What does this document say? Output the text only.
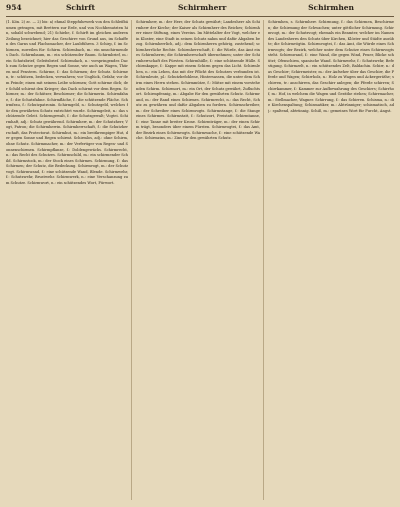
954	Schirft	Schirmherr	Schirmhen

(1. Kön. 2) zc. — 2) bis: a) ehmal Steppfuhrwerk von den Schleifbäumen getragen, mit Brettern zur Erde, und von Nochbenutzten hin, sobald schwebend; 21) Schiebe, f. Schirft im gleichen anderen Zeilung bezeichnet; hier das Geschirre von Grund aus, im Schaffen des Garns und Flachsmacher, der Laubführen. 3 Schirp, f. im Schirmen, zuweilen für: Schirm. Schirmbach, m.: ein umschirmendes Dach. Schirmbaum, m.: ein schützender Baum. Schirmbrief, m.: ein Schutzbrief, Geleitsbrief. Schirmdach, n.: vorspringendes Dach zum Schutze gegen Regen und Sonne, wie auch an Wagen, Thüren und Fenstern. Schirme, f.: das Schirmen; der Schutz. Schirmen, tr.: schützen, bedecken, verwahren; vor Unglück, Gefahr, vor dem Feinde; einen mit seinem Leibe schirmen; Gott schirme dich; der Schild schirmt den Krieger; das Dach schirmt vor dem Regen. Schirmer, m.: der Schützer, Beschirmer; die Schirmerin. Schirmfahne, f.: die Schutzfahne. Schirmfläche, f.: die schützende Fläche. Schirmfrau, f.: Schutzpatronin. Schirmgeld, n.: Schutzgeld, welches für den gewährten Schutz entrichtet wurde. Schirmgeleit, n.: das schützende Geleit. Schirmgewalt, f.: die Schutzgewalt; Vogtei. Schirmhaft, adj.: Schutz gewährend. Schirmherr, m.: der Schutzherr, Vogt, Patron; die Schirmherrin. Schirmherrschaft, f.: die Schutzherrschaft, das Protectorat. Schirmhut, m.: ein breitkrempiger Hut, der gegen Sonne und Regen schirmt. Schirmlos, adj.: ohne Schirm, ohne Schutz. Schirmmacher, m.: der Verfertiger von Regen- und Sonnenschirmen. Schirmpflanze, f.: Doldengewächs. Schirmrecht, n.: das Recht des Schutzes. Schirmschild, m.: ein schirmender Schild. Schirmstock, m.: der Stock eines Schirmes. Schirmung, f.: das Schirmen; der Schutz, die Bedeckung. Schirmvogt, m.: der Schutzvogt. Schirmwand, f.: eine schützende Wand, Blende. Schirmwehr, f.: Schutzwehr, Brustwehr. Schirmwerk, n.: eine Verschanzung zum Schutze. Schirmwort, n.: ein schützendes Wort, Fürwort.

Schirmherr, m.: der Herr, der Schutz gewährt; Landesherr als Schirmherr der Kirche; der Kaiser als Schirmherr des Reiches; Schirmherr einer Stiftung, eines Vereins. Im Mittelalter der Vogt, welcher ein Kloster, eine Stadt in seinen Schutz nahm und dafür Abgaben bezog. Schirmherrlich, adj.: dem Schirmherrn gehörig, zustehend; schirmherrliche Rechte. Schirmherrschaft, f.: die Würde, das Amt eines Schirmherrn; die Schirmherrschaft übernehmen; unter der Schirmherrschaft des Fürsten. Schirmhülle, f.: eine schützende Hülle. Schirmkappe, f.: Kappe mit einem Schirm gegen das Licht. Schirmlehen, n.: ein Lehen, das mit der Pflicht des Schutzes verbunden ist. Schirmleute, pl.: Schutzbefohlene, Hintersassen, die unter dem Schirm eines Herrn stehen. Schirmmütze, f.: Mütze mit einem vorstehenden Schirm. Schirmort, m.: ein Ort, der Schutz gewährt, Zufluchtsort. Schirmpfennig, m.: Abgabe für den gewährten Schutz. Schirmrand, m.: der Rand eines Schirmes. Schirmrecht, n.: das Recht, Schutz zu gewähren und dafür Abgaben zu fordern. Schirmschreiber, m.: der Schreiber eines Schirmvogts. Schirmstange, f.: die Stange eines Schirmes. Schirmstatt, f.: Schutzort, Freistatt. Schirmtanne, f.: eine Tanne mit breiter Krone. Schirmträger, m.: der einen Schirm trägt, besonders über einem Fürsten. Schirmvogtei, f.: das Amt, der Bezirk eines Schirmvogts. Schirmwache, f.: eine schützende Wache. Schirmzins, m.: Zins für den gewährten Schutz.

Schirmhen, s. Schirmherr. Schirmung, f.: das Schirmen, Beschirmen; die Schirmung der Schwachen; unter göttlicher Schirmung. Schirmvogt, m.: der Schutzvogt; ehemals ein Beamter, welcher im Namen des Landesherrn den Schutz über Kirchen, Klöster und Städte ausübte; die Schirmvögtin. Schirmvogtei, f.: das Amt, die Würde eines Schirmvogts; der Bezirk, welcher unter dem Schutze eines Schirmvogts steht. Schirmwand, f.: eine Wand, die gegen Wind, Feuer, Blicke schützt; Ofenschirm, spanische Wand. Schirmwehr, f.: Schutzwehr, Befestigung. Schirmzelt, n.: ein schützendes Zelt, Baldachin. Schirr, n.: das Geschirr; Schirrmeister, m.: der Aufseher über das Geschirr, die Pferde und Wagen; Schirrholz, n.: Holz zu Wagen und Ackergeräthe; schirren, tr.: anschirren, das Geschirr anlegen; die Pferde schirren; Schirrkammer, f.: Kammer zur Aufbewahrung des Geschirrs; Schirrhof, m.: Hof, in welchem die Wagen und Geräthe stehen; Schirrmacher, m.: Stellmacher, Wagner. Schirrung, f.: das Schirren. Schisma, n.: die Kirchenspaltung; Schismatiker, m.: Abtrünniger; schismatisch, adj.: spaltend, abtrünnig. Schiß, m.: gemeines Wort für Furcht, Angst.
